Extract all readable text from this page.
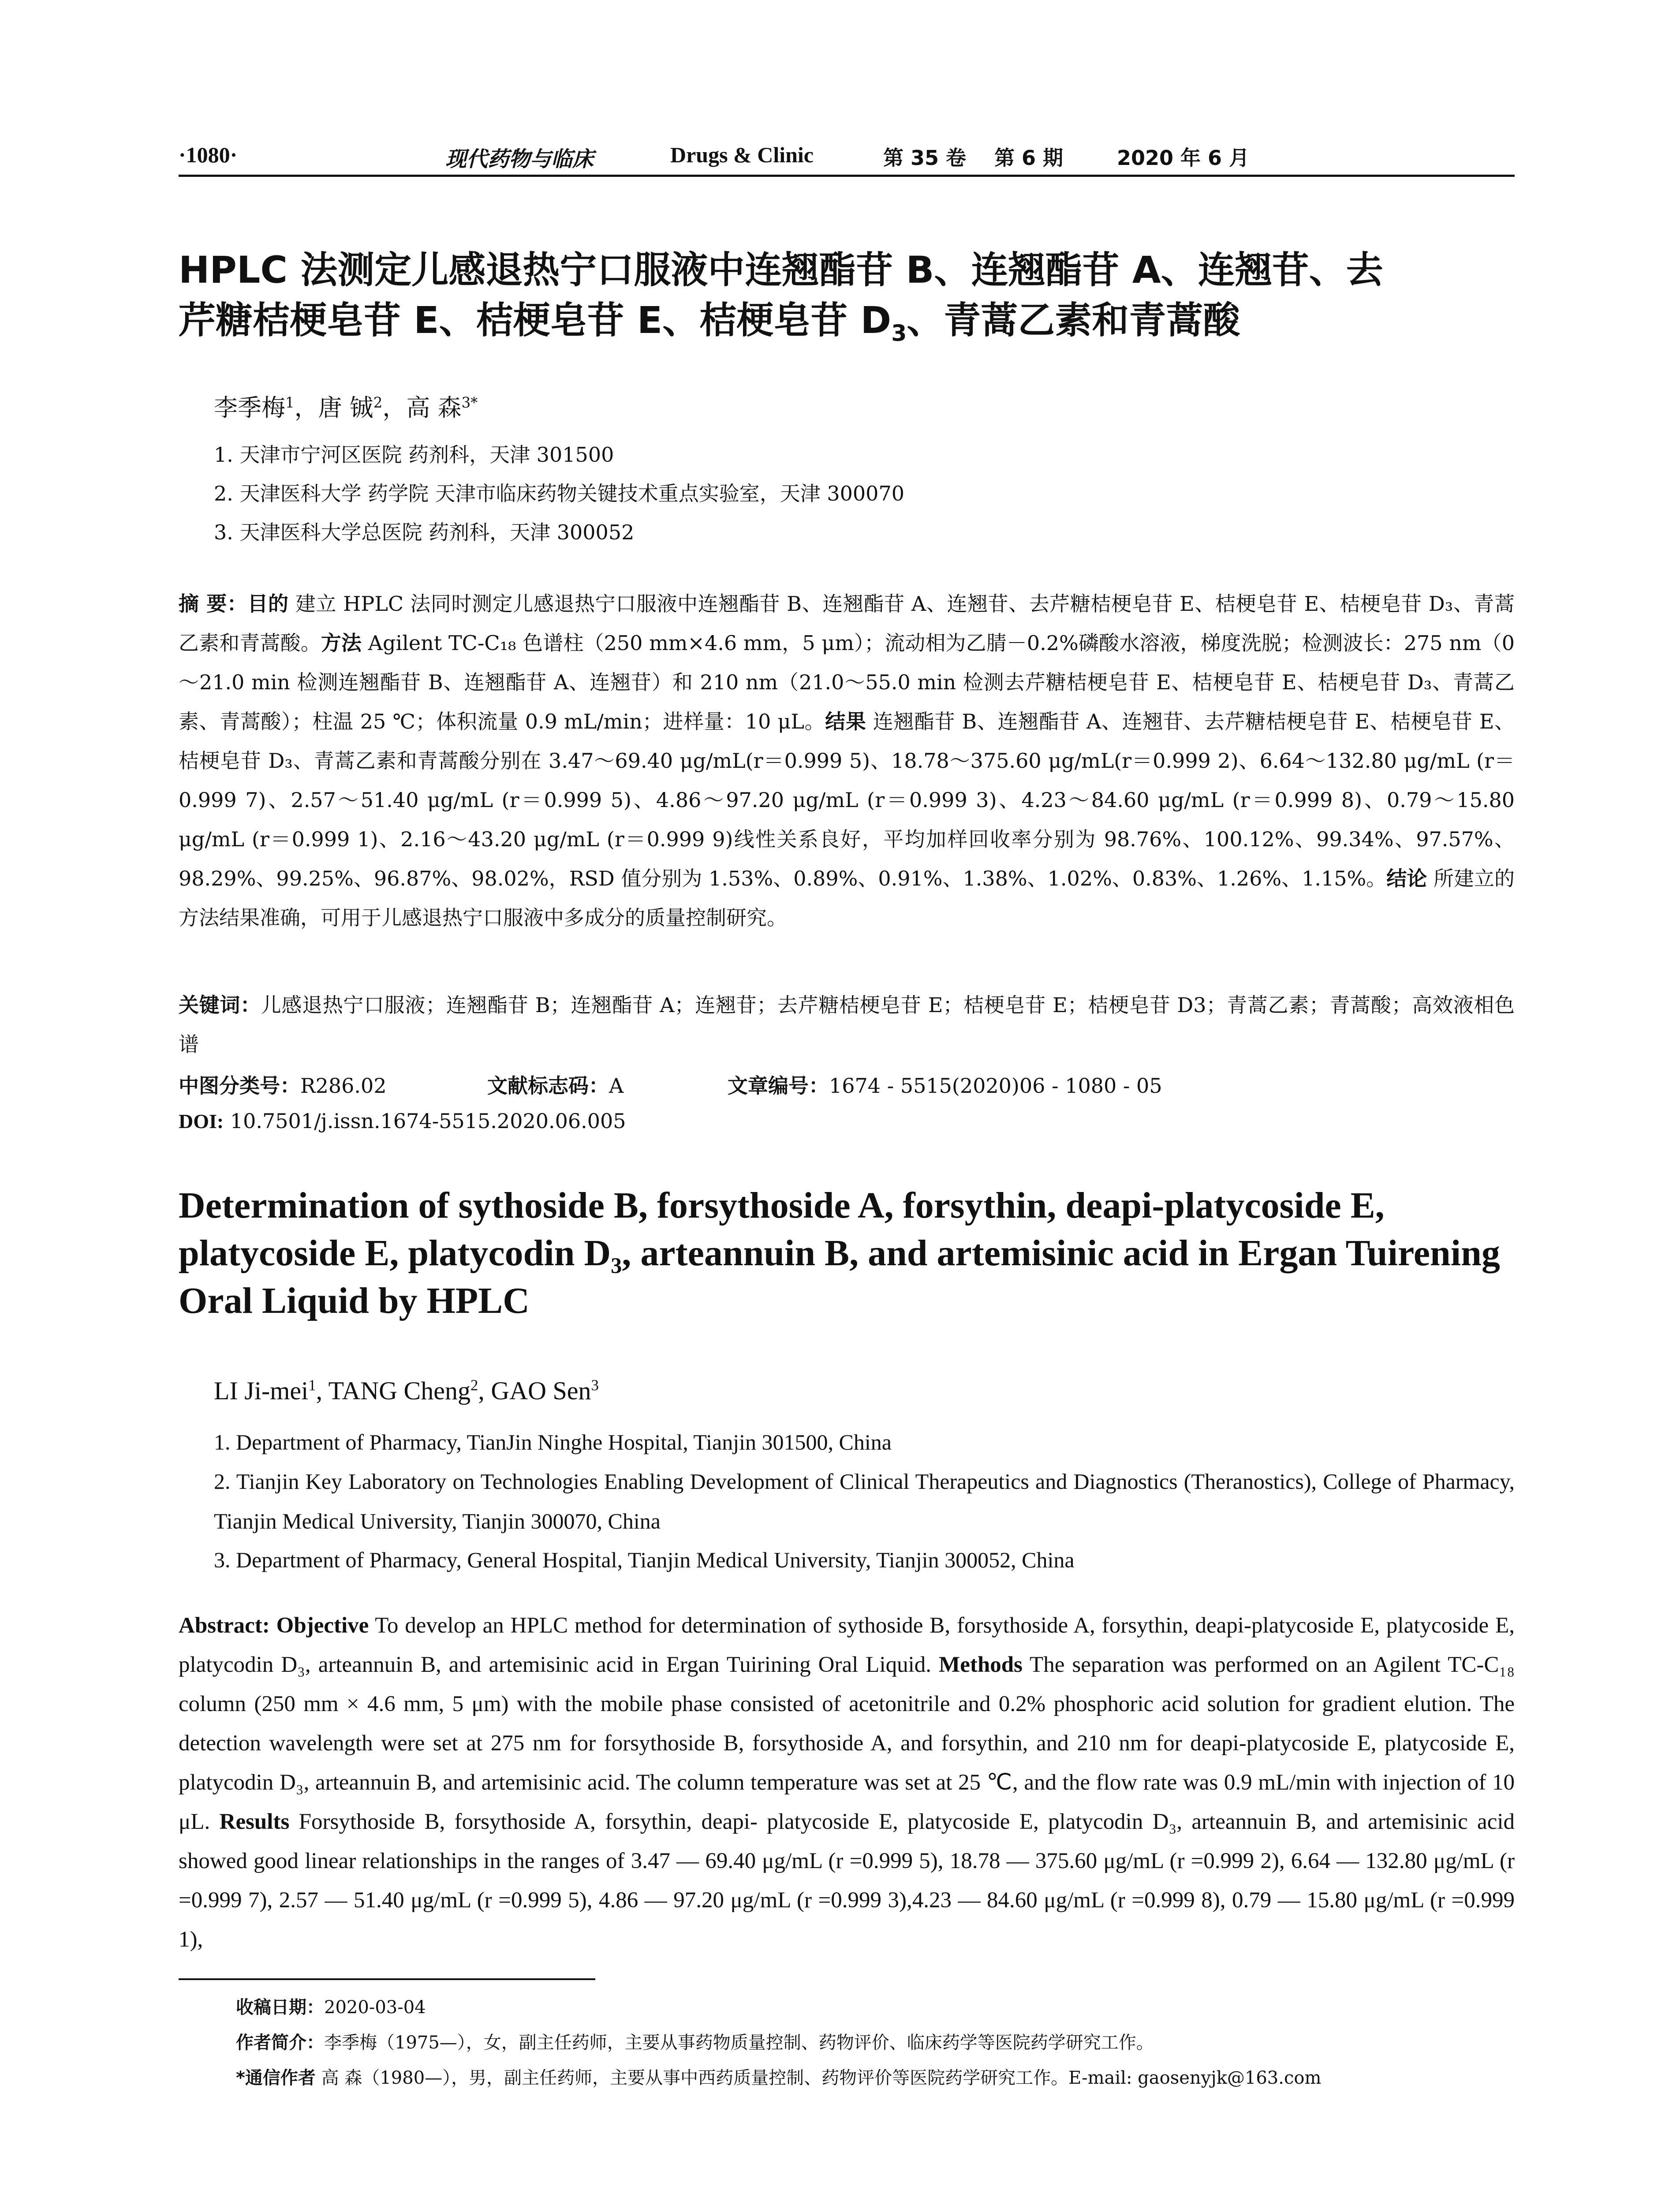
·1080·	现代药物与临床	Drugs & Clinic	第 35 卷 第 6 期	2020 年 6 月
HPLC 法测定儿感退热宁口服液中连翘酯苷 B、连翘酯苷 A、连翘苷、去
芹糖桔梗皂苷 E、桔梗皂苷 E、桔梗皂苷 $D_3$、青蒿乙素和青蒿酸
李季梅$^1$，唐 铖$^2$，高 森$^{3*}$
1. 天津市宁河区医院 药剂科，天津 301500
2. 天津医科大学 药学院 天津市临床药物关键技术重点实验室，天津 300070
3. 天津医科大学总医院 药剂科，天津 300052
摘 要：目的 建立 HPLC 法同时测定儿感退热宁口服液中连翘酯苷 B、连翘酯苷 A、连翘苷、去芹糖桔梗皂苷 E、桔梗皂苷 E、桔梗皂苷 D₃、青蒿乙素和青蒿酸。方法 Agilent TC-C₁₈ 色谱柱（250 mm×4.6 mm，5 μm）；流动相为乙腈－0.2%磷酸水溶液，梯度洗脱；检测波长：275 nm（0～21.0 min 检测连翘酯苷 B、连翘酯苷 A、连翘苷）和 210 nm（21.0～55.0 min 检测去芹糖桔梗皂苷 E、桔梗皂苷 E、桔梗皂苷 D₃、青蒿乙素、青蒿酸）；柱温 25 ℃；体积流量 0.9 mL/min；进样量：10 μL。结果 连翘酯苷 B、连翘酯苷 A、连翘苷、去芹糖桔梗皂苷 E、桔梗皂苷 E、桔梗皂苷 D₃、青蒿乙素和青蒿酸分别在 3.47～69.40 μg/mL(r＝0.999 5)、18.78～375.60 μg/mL(r＝0.999 2)、6.64～132.80 μg/mL (r＝0.999 7)、2.57～51.40 μg/mL (r＝0.999 5)、4.86～97.20 μg/mL (r＝0.999 3)、4.23～84.60 μg/mL (r＝0.999 8)、0.79～15.80 μg/mL (r＝0.999 1)、2.16～43.20 μg/mL (r＝0.999 9)线性关系良好，平均加样回收率分别为 98.76%、100.12%、99.34%、97.57%、98.29%、99.25%、96.87%、98.02%，RSD 值分别为 1.53%、0.89%、0.91%、1.38%、1.02%、0.83%、1.26%、1.15%。结论 所建立的方法结果准确，可用于儿感退热宁口服液中多成分的质量控制研究。
关键词：儿感退热宁口服液；连翘酯苷 B；连翘酯苷 A；连翘苷；去芹糖桔梗皂苷 E；桔梗皂苷 E；桔梗皂苷 D3；青蒿乙素；青蒿酸；高效液相色谱
中图分类号：R286.02	文献标志码：A	文章编号：1674 - 5515(2020)06 - 1080 - 05
DOI: 10.7501/j.issn.1674-5515.2020.06.005
Determination of sythoside B, forsythoside A, forsythin, deapi-platycoside E,
platycoside E, platycodin $D_3$, arteannuin B, and artemisinic acid in Ergan Tuirening
Oral Liquid by HPLC
LI Ji-mei$^1$, TANG Cheng$^2$, GAO Sen$^3$
1. Department of Pharmacy, TianJin Ninghe Hospital, Tianjin 301500, China
2. Tianjin Key Laboratory on Technologies Enabling Development of Clinical Therapeutics and Diagnostics (Theranostics), College of Pharmacy, Tianjin Medical University, Tianjin 300070, China
3. Department of Pharmacy, General Hospital, Tianjin Medical University, Tianjin 300052, China
Abstract: Objective To develop an HPLC method for determination of sythoside B, forsythoside A, forsythin, deapi-platycoside E, platycoside E, platycodin D₃, arteannuin B, and artemisinic acid in Ergan Tuirining Oral Liquid. Methods The separation was performed on an Agilent TC-C₁₈ column (250 mm × 4.6 mm, 5 μm) with the mobile phase consisted of acetonitrile and 0.2% phosphoric acid solution for gradient elution. The detection wavelength were set at 275 nm for forsythoside B, forsythoside A, and forsythin, and 210 nm for deapi-platycoside E, platycoside E, platycodin D₃, arteannuin B, and artemisinic acid. The column temperature was set at 25 ℃, and the flow rate was 0.9 mL/min with injection of 10 μL. Results Forsythoside B, forsythoside A, forsythin, deapi- platycoside E, platycoside E, platycodin D₃, arteannuin B, and artemisinic acid showed good linear relationships in the ranges of 3.47 — 69.40 μg/mL (r =0.999 5), 18.78 — 375.60 μg/mL (r =0.999 2), 6.64 — 132.80 μg/mL (r =0.999 7), 2.57 — 51.40 μg/mL (r =0.999 5), 4.86 — 97.20 μg/mL (r =0.999 3),4.23 — 84.60 μg/mL (r =0.999 8), 0.79 — 15.80 μg/mL (r =0.999 1),
收稿日期：2020-03-04
作者简介：李季梅（1975—），女，副主任药师，主要从事药物质量控制、药物评价、临床药学等医院药学研究工作。
*通信作者 高 森（1980—），男，副主任药师，主要从事中西药质量控制、药物评价等医院药学研究工作。E-mail: gaosenyjk@163.com
